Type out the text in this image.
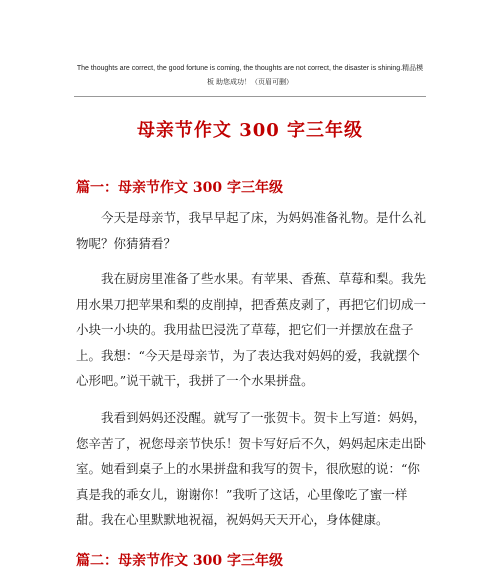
The thoughts are correct, the good fortune is coming, the thoughts are not correct, the disaster is shining.精品模
板 助您成功！（页眉可删）
母亲节作文 300 字三年级
篇一：母亲节作文 300 字三年级
今天是母亲节，我早早起了床，为妈妈准备礼物。是什么礼物呢？你猜猜看？
我在厨房里准备了些水果。有苹果、香蕉、草莓和梨。我先用水果刀把苹果和梨的皮削掉，把香蕉皮剥了，再把它们切成一小块一小块的。我用盐巴浸洗了草莓，把它们一并摆放在盘子上。我想：“今天是母亲节，为了表达我对妈妈的爱，我就摆个心形吧。”说干就干，我拼了一个水果拼盘。
我看到妈妈还没醒。就写了一张贺卡。贺卡上写道：妈妈，您辛苦了，祝您母亲节快乐！贺卡写好后不久，妈妈起床走出卧室。她看到桌子上的水果拼盘和我写的贺卡，很欣慰的说：“你真是我的乖女儿，谢谢你！”我听了这话，心里像吃了蜜一样甜。我在心里默默地祝福，祝妈妈天天开心，身体健康。
篇二：母亲节作文 300 字三年级
